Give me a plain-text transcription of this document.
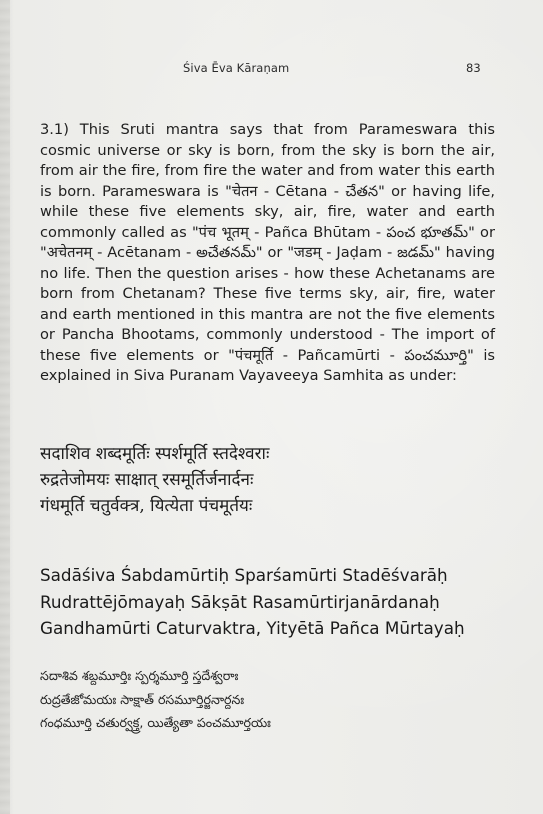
Śiva Ēva Kāraṇam	83

3.1) This Sruti mantra says that from Parameswara this cosmic universe or sky is born, from the sky is born the air, from air the fire, from fire the water and from water this earth is born. Parameswara is "चेतन - Cētana - చేతన" or having life, while these five elements sky, air, fire, water and earth commonly called as "पंच भूतम् - Pañca Bhūtam - పంచ భూతమ్" or "अचेतनम् - Acētanam - అచేతనమ్" or "जडम् - Jaḍam - జడమ్" having no life. Then the question arises - how these Achetanams are born from Chetanam? These five terms sky, air, fire, water and earth mentioned in this mantra are not the five elements or Pancha Bhootams, commonly understood - The import of these five elements or "पंचमूर्ति - Pañcamūrti - పంచమూర్తి" is explained in Siva Puranam Vayaveeya Samhita as under:

सदाशिव शब्दमूर्तिः स्पर्शमूर्ति स्तदेश्वराः
रुद्रतेजोमयः साक्षात् रसमूर्तिर्जनार्दनः
गंधमूर्ति चतुर्वक्त्र, यित्येता पंचमूर्तयः
Sadāśiva Śabdamūrtiḥ Sparśamūrti Stadēśvarāḥ
Rudrattējōmayaḥ Sākṣāt Rasamūrtirjanārdanaḥ
Gandhamūrti Caturvaktra, Yityētā Pañca Mūrtayaḥ
సదాశివ శబ్దమూర్తిః స్పర్శమూర్తి స్తదేశ్వరాః
రుద్రతేజోమయః సాక్షాత్ రసమూర్తిర్జనార్దనః
గంధమూర్తి చతుర్వక్త్ర, యిత్యేతా పంచమూర్తయః
